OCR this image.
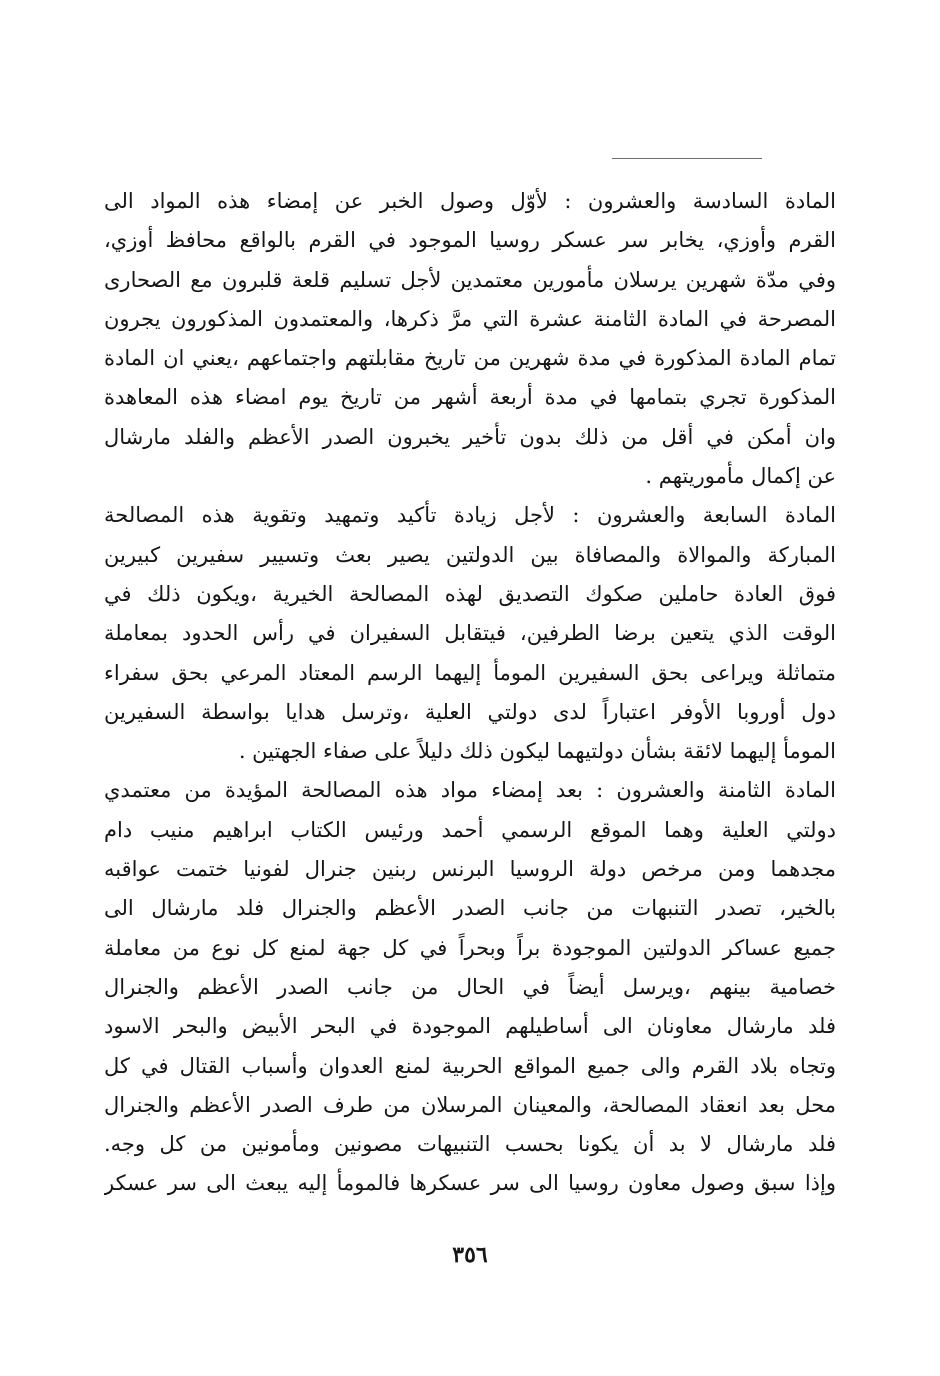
المادة السادسة والعشرون : لأوّل وصول الخبر عن إمضاء هذه المواد الى
القرم وأوزي، يخابر سر عسكر روسيا الموجود في القرم بالواقع محافظ أوزي،
وفي مدّة شهرين يرسلان مأمورين معتمدين لأجل تسليم قلعة قلبرون مع الصحارى
المصرحة في المادة الثامنة عشرة التي مرَّ ذكرها، والمعتمدون المذكورون يجرون
تمام المادة المذكورة في مدة شهرين من تاريخ مقابلتهم واجتماعهم ،يعني ان المادة
المذكورة تجري بتمامها في مدة أربعة أشهر من تاريخ يوم امضاء هذه المعاهدة
وان أمكن في أقل من ذلك بدون تأخير يخبرون الصدر الأعظم والفلد مارشال
عن إكمال مأموريتهم .
المادة السابعة والعشرون : لأجل زيادة تأكيد وتمهيد وتقوية هذه المصالحة
المباركة والموالاة والمصافاة بين الدولتين يصير بعث وتسيير سفيرين كبيرين
فوق العادة حاملين صكوك التصديق لهذه المصالحة الخيرية ،ويكون ذلك في
الوقت الذي يتعين برضا الطرفين، فيتقابل السفيران في رأس الحدود بمعاملة
متماثلة ويراعى بحق السفيرين المومأ إليهما الرسم المعتاد المرعي بحق سفراء
دول أوروبا الأوفر اعتباراً لدى دولتي العلية ،وترسل هدايا بواسطة السفيرين
المومأ إليهما لائقة بشأن دولتيهما ليكون ذلك دليلاً على صفاء الجهتين .
المادة الثامنة والعشرون : بعد إمضاء مواد هذه المصالحة المؤيدة من معتمدي
دولتي العلية وهما الموقع الرسمي أحمد ورئيس الكتاب ابراهيم منيب دام
مجدهما ومن مرخص دولة الروسيا البرنس ربنين جنرال لفونيا ختمت عواقبه
بالخير، تصدر التنبهات من جانب الصدر الأعظم والجنرال فلد مارشال الى
جميع عساكر الدولتين الموجودة براً وبحراً في كل جهة لمنع كل نوع من معاملة
خصامية بينهم ،ويرسل أيضاً في الحال من جانب الصدر الأعظم والجنرال
فلد مارشال معاونان الى أساطيلهم الموجودة في البحر الأبيض والبحر الاسود
وتجاه بلاد القرم والى جميع المواقع الحربية لمنع العدوان وأسباب القتال في كل
محل بعد انعقاد المصالحة، والمعينان المرسلان من طرف الصدر الأعظم والجنرال
فلد مارشال لا بد أن يكونا بحسب التنبيهات مصونين ومأمونين من كل وجه.
وإذا سبق وصول معاون روسيا الى سر عسكرها فالمومأ إليه يبعث الى سر عسكر
٣٥٦
